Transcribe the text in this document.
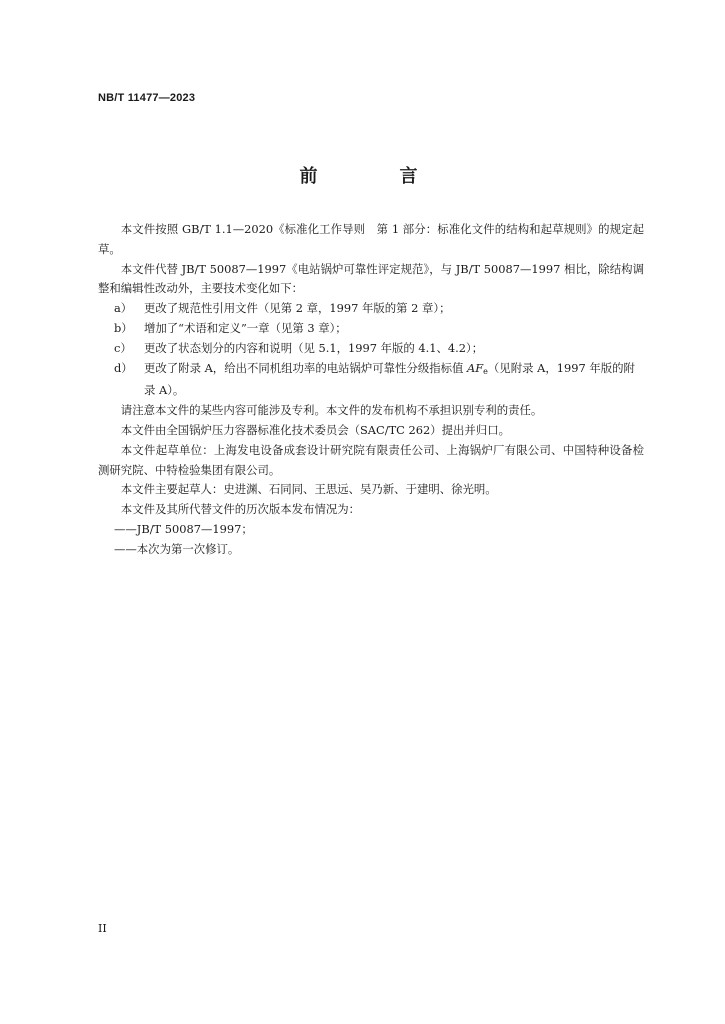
NB/T 11477—2023
前　言

本文件按照 GB/T 1.1—2020《标准化工作导则　第 1 部分：标准化文件的结构和起草规则》的规定起草。

本文件代替 JB/T 50087—1997《电站锅炉可靠性评定规范》，与 JB/T 50087—1997 相比，除结构调整和编辑性改动外，主要技术变化如下：

a）	更改了规范性引用文件（见第 2 章，1997 年版的第 2 章）；
b） 增加了“术语和定义”一章（见第 3 章）；
c）	更改了状态划分的内容和说明（见 5.1，1997 年版的 4.1、4.2）；
d） 更改了附录 A，给出不同机组功率的电站锅炉可靠性分级指标值 AFe（见附录 A，1997 年版的附录 A）。

请注意本文件的某些内容可能涉及专利。本文件的发布机构不承担识别专利的责任。

本文件由全国锅炉压力容器标准化技术委员会（SAC/TC 262）提出并归口。

本文件起草单位：上海发电设备成套设计研究院有限责任公司、上海锅炉厂有限公司、中国特种设备检测研究院、中特检验集团有限公司。

本文件主要起草人：史进渊、石同同、王思远、吴乃新、于建明、徐光明。

本文件及其所代替文件的历次版本发布情况为：

——JB/T 50087—1997；

——本次为第一次修订。

II
